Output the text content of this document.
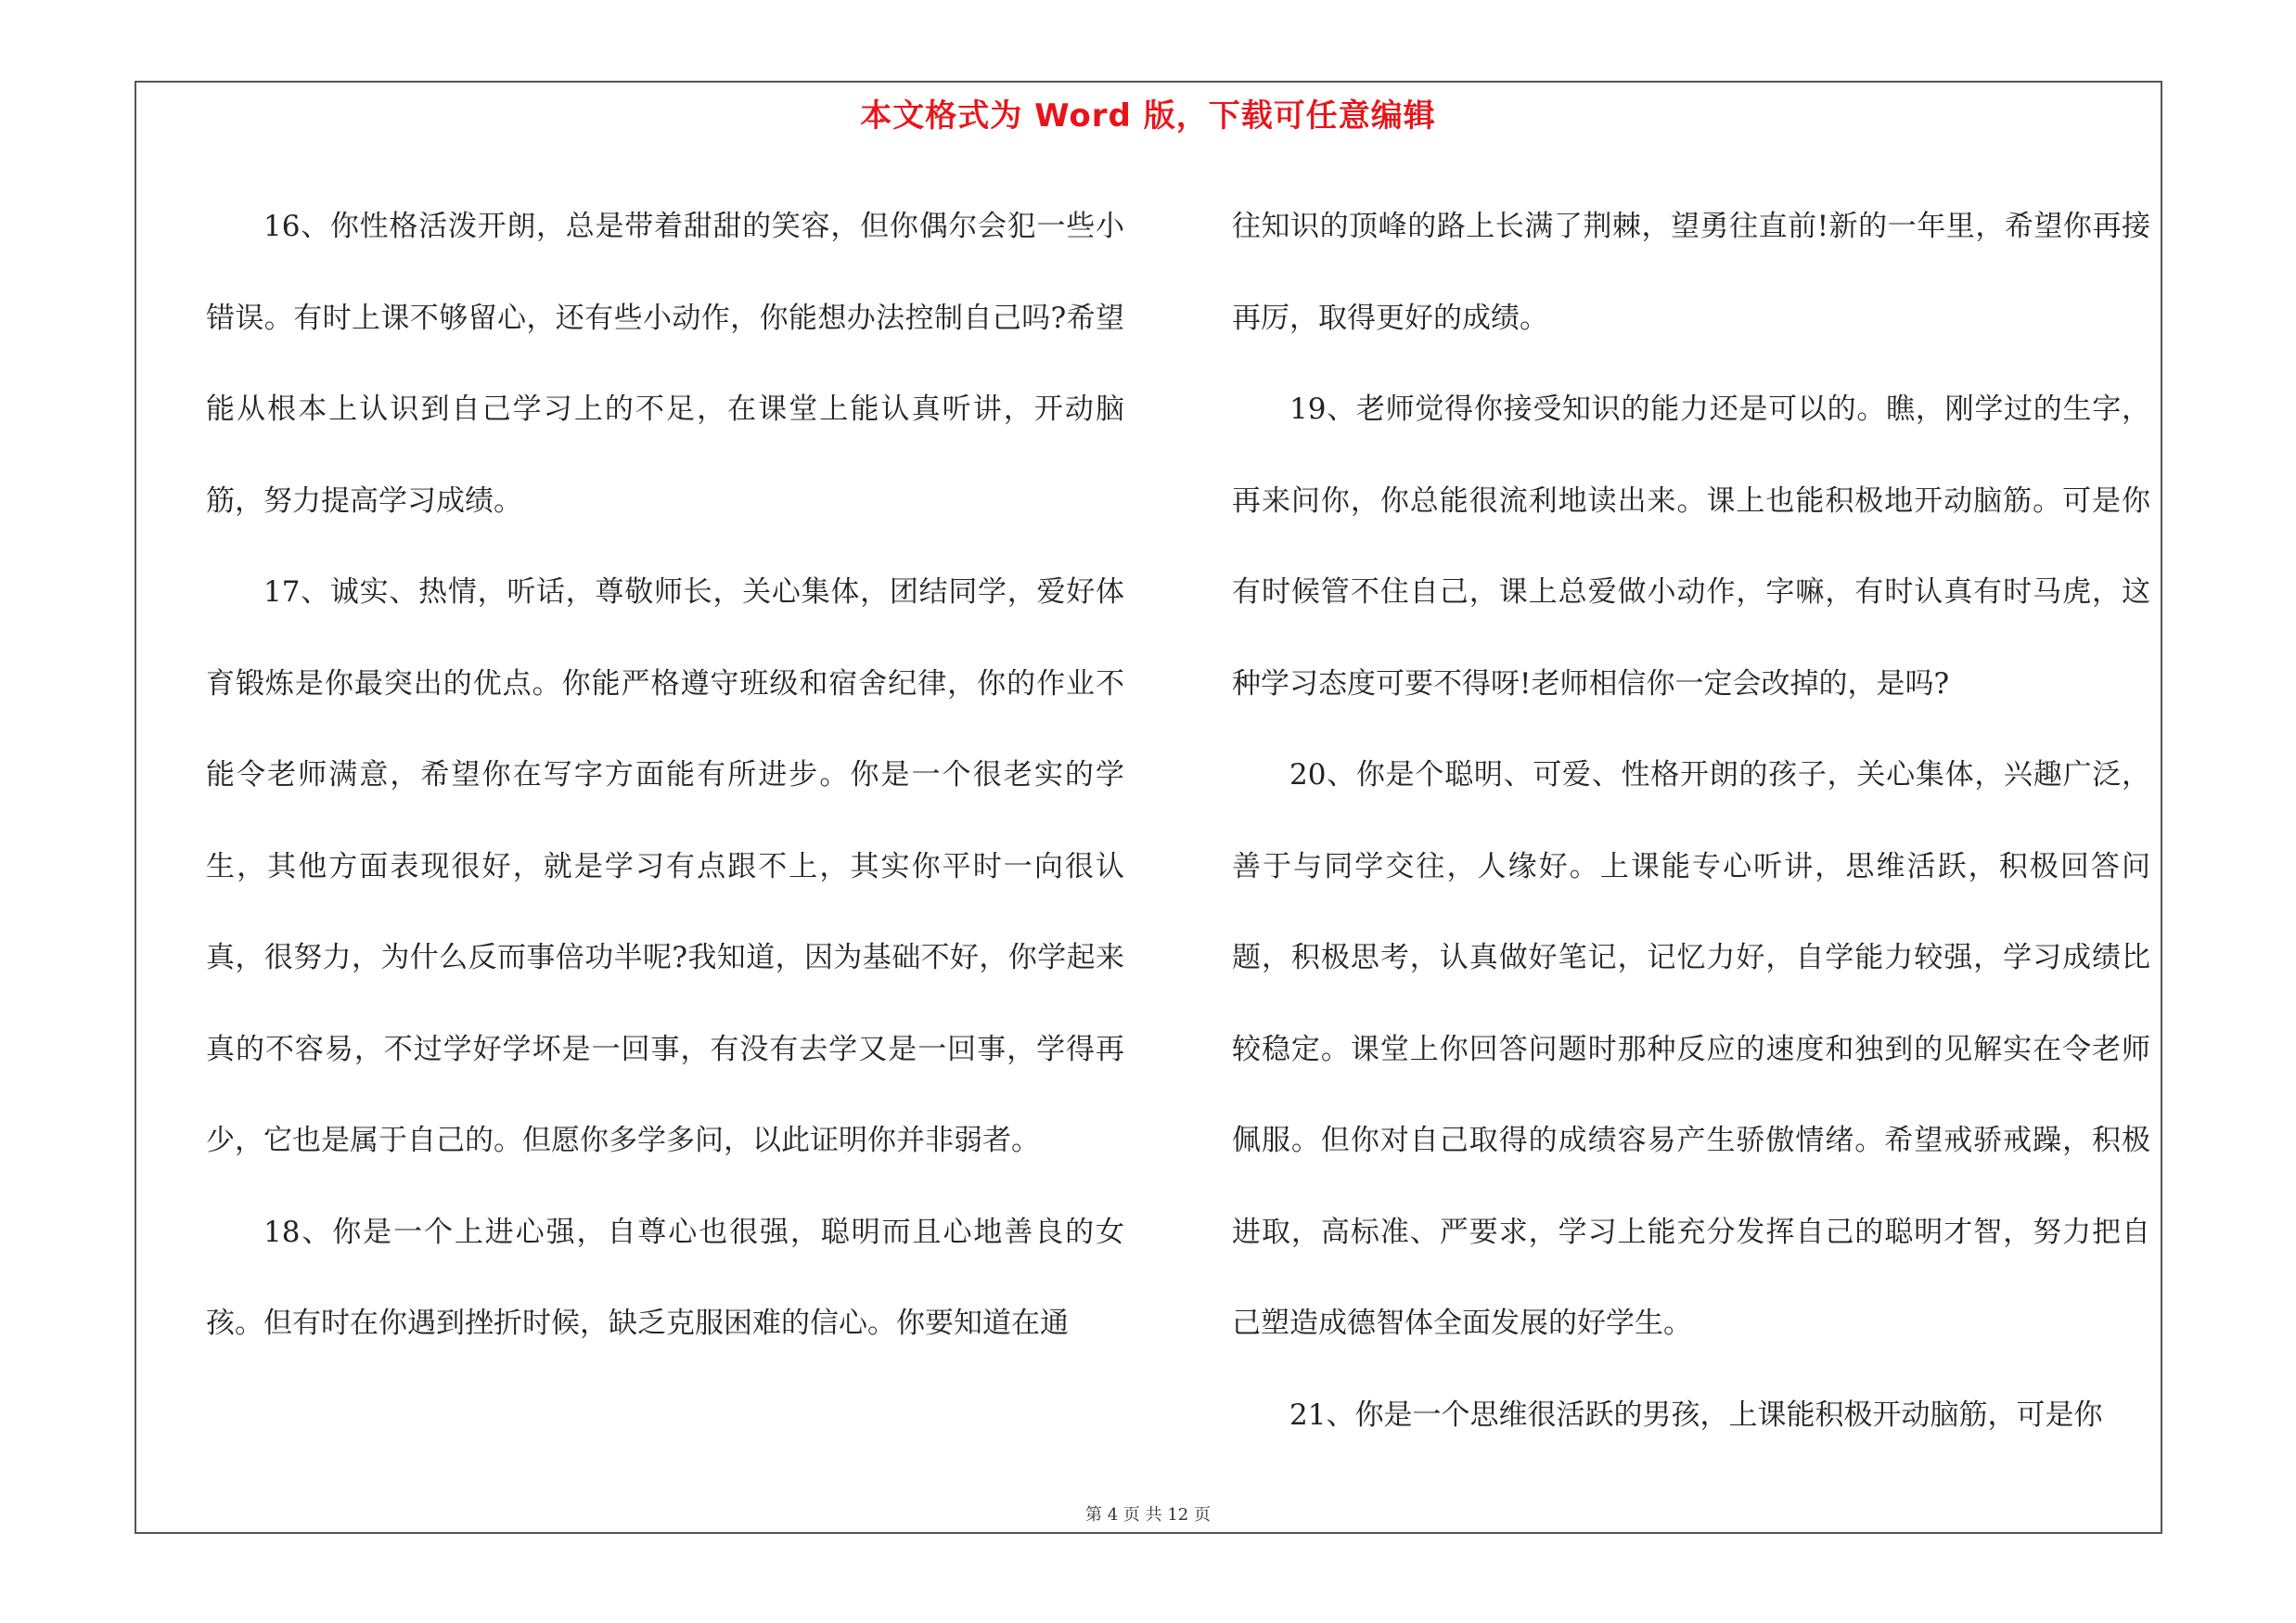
本文格式为 Word 版，下载可任意编辑

16、你性格活泼开朗，总是带着甜甜的笑容，但你偶尔会犯一些小错误。有时上课不够留心，还有些小动作，你能想办法控制自己吗?希望能从根本上认识到自己学习上的不足，在课堂上能认真听讲，开动脑筋，努力提高学习成绩。

17、诚实、热情，听话，尊敬师长，关心集体，团结同学，爱好体育锻炼是你最突出的优点。你能严格遵守班级和宿舍纪律，你的作业不能令老师满意，希望你在写字方面能有所进步。你是一个很老实的学生，其他方面表现很好，就是学习有点跟不上，其实你平时一向很认真，很努力，为什么反而事倍功半呢?我知道，因为基础不好，你学起来真的不容易，不过学好学坏是一回事，有没有去学又是一回事，学得再少，它也是属于自己的。但愿你多学多问，以此证明你并非弱者。

18、你是一个上进心强，自尊心也很强，聪明而且心地善良的女孩。但有时在你遇到挫折时候，缺乏克服困难的信心。你要知道在通

往知识的顶峰的路上长满了荆棘，望勇往直前!新的一年里，希望你再接再厉，取得更好的成绩。

19、老师觉得你接受知识的能力还是可以的。瞧，刚学过的生字，再来问你，你总能很流利地读出来。课上也能积极地开动脑筋。可是你有时候管不住自己，课上总爱做小动作，字嘛，有时认真有时马虎，这种学习态度可要不得呀!老师相信你一定会改掉的，是吗?

20、你是个聪明、可爱、性格开朗的孩子，关心集体，兴趣广泛，善于与同学交往，人缘好。上课能专心听讲，思维活跃，积极回答问题，积极思考，认真做好笔记，记忆力好，自学能力较强，学习成绩比较稳定。课堂上你回答问题时那种反应的速度和独到的见解实在令老师佩服。但你对自己取得的成绩容易产生骄傲情绪。希望戒骄戒躁，积极进取，高标准、严要求，学习上能充分发挥自己的聪明才智，努力把自己塑造成德智体全面发展的好学生。

21、你是一个思维很活跃的男孩，上课能积极开动脑筋，可是你

第 4 页 共 12 页
